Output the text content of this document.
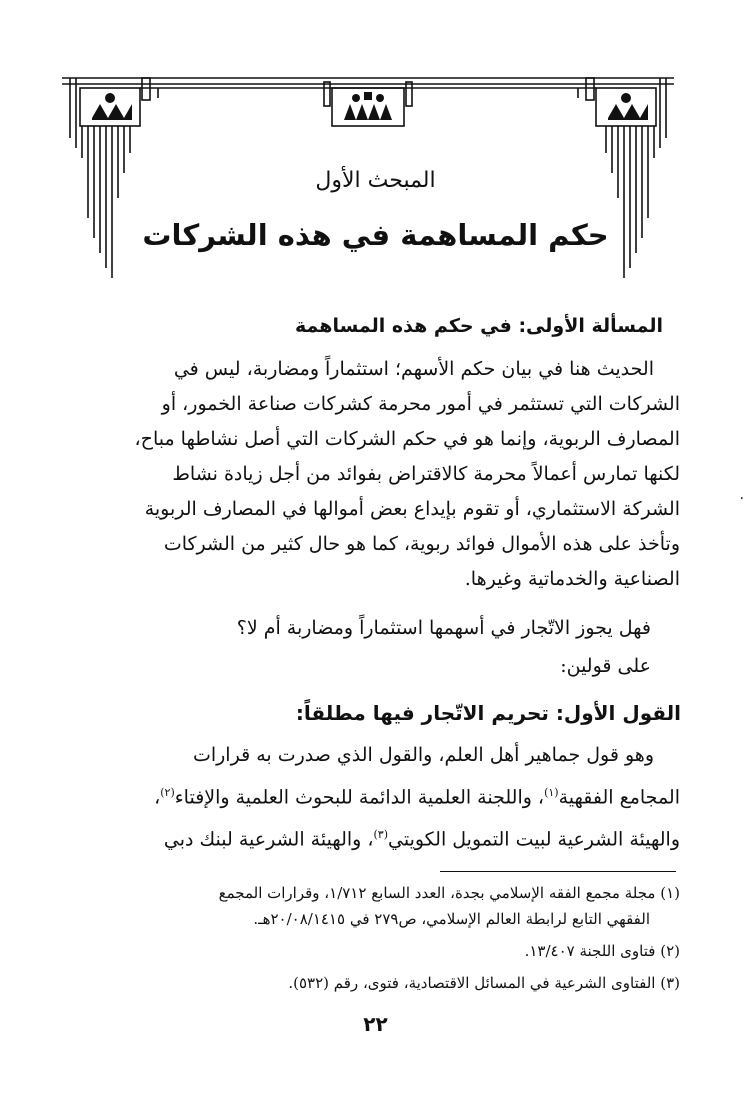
المبحث الأول
حكم المساهمة في هذه الشركات
المسألة الأولى: في حكم هذه المساهمة
الحديث هنا في بيان حكم الأسهم؛ استثماراً ومضاربة، ليس في
الشركات التي تستثمر في أمور محرمة كشركات صناعة الخمور، أو
المصارف الربوية، وإنما هو في حكم الشركات التي أصل نشاطها مباح،
لكنها تمارس أعمالاً محرمة كالاقتراض بفوائد من أجل زيادة نشاط
الشركة الاستثماري، أو تقوم بإيداع بعض أموالها في المصارف الربوية
وتأخذ على هذه الأموال فوائد ربوية، كما هو حال كثير من الشركات
الصناعية والخدماتية وغيرها.
فهل يجوز الاتّجار في أسهمها استثماراً ومضاربة أم لا؟
على قولين:
القول الأول: تحريم الاتّجار فيها مطلقاً:
وهو قول جماهير أهل العلم، والقول الذي صدرت به قرارات
المجامع الفقهية$^{(١)}$، واللجنة العلمية الدائمة للبحوث العلمية والإفتاء$^{(٢)}$،
والهيئة الشرعية لبيت التمويل الكويتي$^{(٣)}$، والهيئة الشرعية لبنك دبي

(١) مجلة مجمع الفقه الإسلامي بجدة، العدد السابع ١/٧١٢، وقرارات المجمع
الفقهي التابع لرابطة العالم الإسلامي، ص٢٧٩ في ٢٠/٠٨/١٤١٥هـ.

(٢) فتاوى اللجنة ١٣/٤٠٧.

(٣) الفتاوى الشرعية في المسائل الاقتصادية، فتوى، رقم (٥٣٢).

٢٢
٠
